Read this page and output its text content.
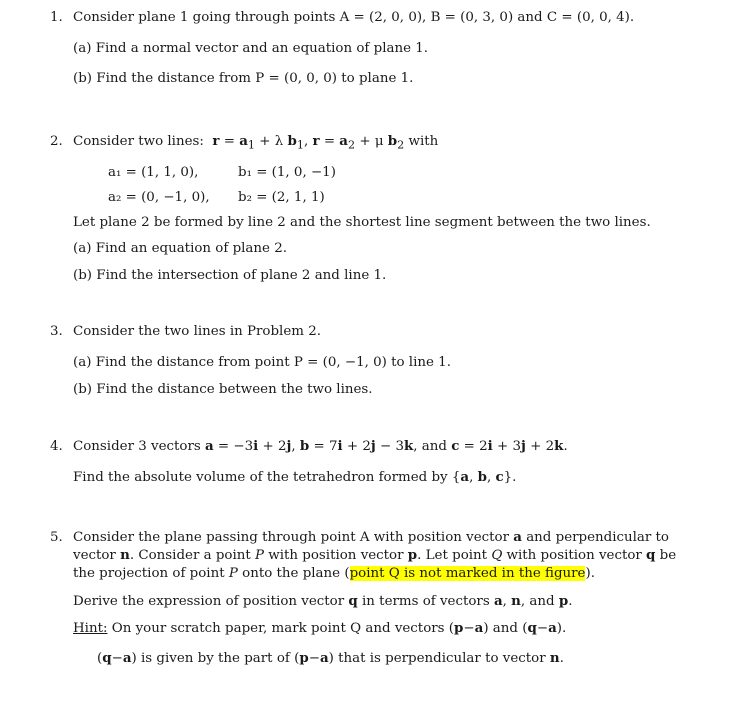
1. Consider plane 1 going through points A = (2, 0, 0), B = (0, 3, 0) and C = (0, 0, 4).
(a) Find a normal vector and an equation of plane 1.
(b) Find the distance from P = (0, 0, 0) to plane 1.
2. Consider two lines: $r = a_1 + \lambda$ $b_1$, $r = a_2 + \mu$ $b_2$ with
a₁ = (1, 1, 0),	b₁ = (1, 0, −1)
a₂ = (0, −1, 0), b₂ = (2, 1, 1)
Let plane 2 be formed by line 2 and the shortest line segment between the two lines.
(a) Find an equation of plane 2.
(b) Find the intersection of plane 2 and line 1.
3. Consider the two lines in Problem 2.
(a) Find the distance from point P = (0, −1, 0) to line 1.
(b) Find the distance between the two lines.
4. Consider 3 vectors a = −3i + 2j, b = 7i + 2j − 3k, and c = 2i + 3j + 2k.
Find the absolute volume of the tetrahedron formed by {a, b, c}.
5. Consider the plane passing through point A with position vector a and perpendicular to
vector n. Consider a point P with position vector p. Let point Q with position vector q be
the projection of point P onto the plane (point Q is not marked in the figure).
Derive the expression of position vector q in terms of vectors a, n, and p.
Hint: On your scratch paper, mark point Q and vectors (p−a) and (q−a).
(q−a) is given by the part of (p−a) that is perpendicular to vector n.
